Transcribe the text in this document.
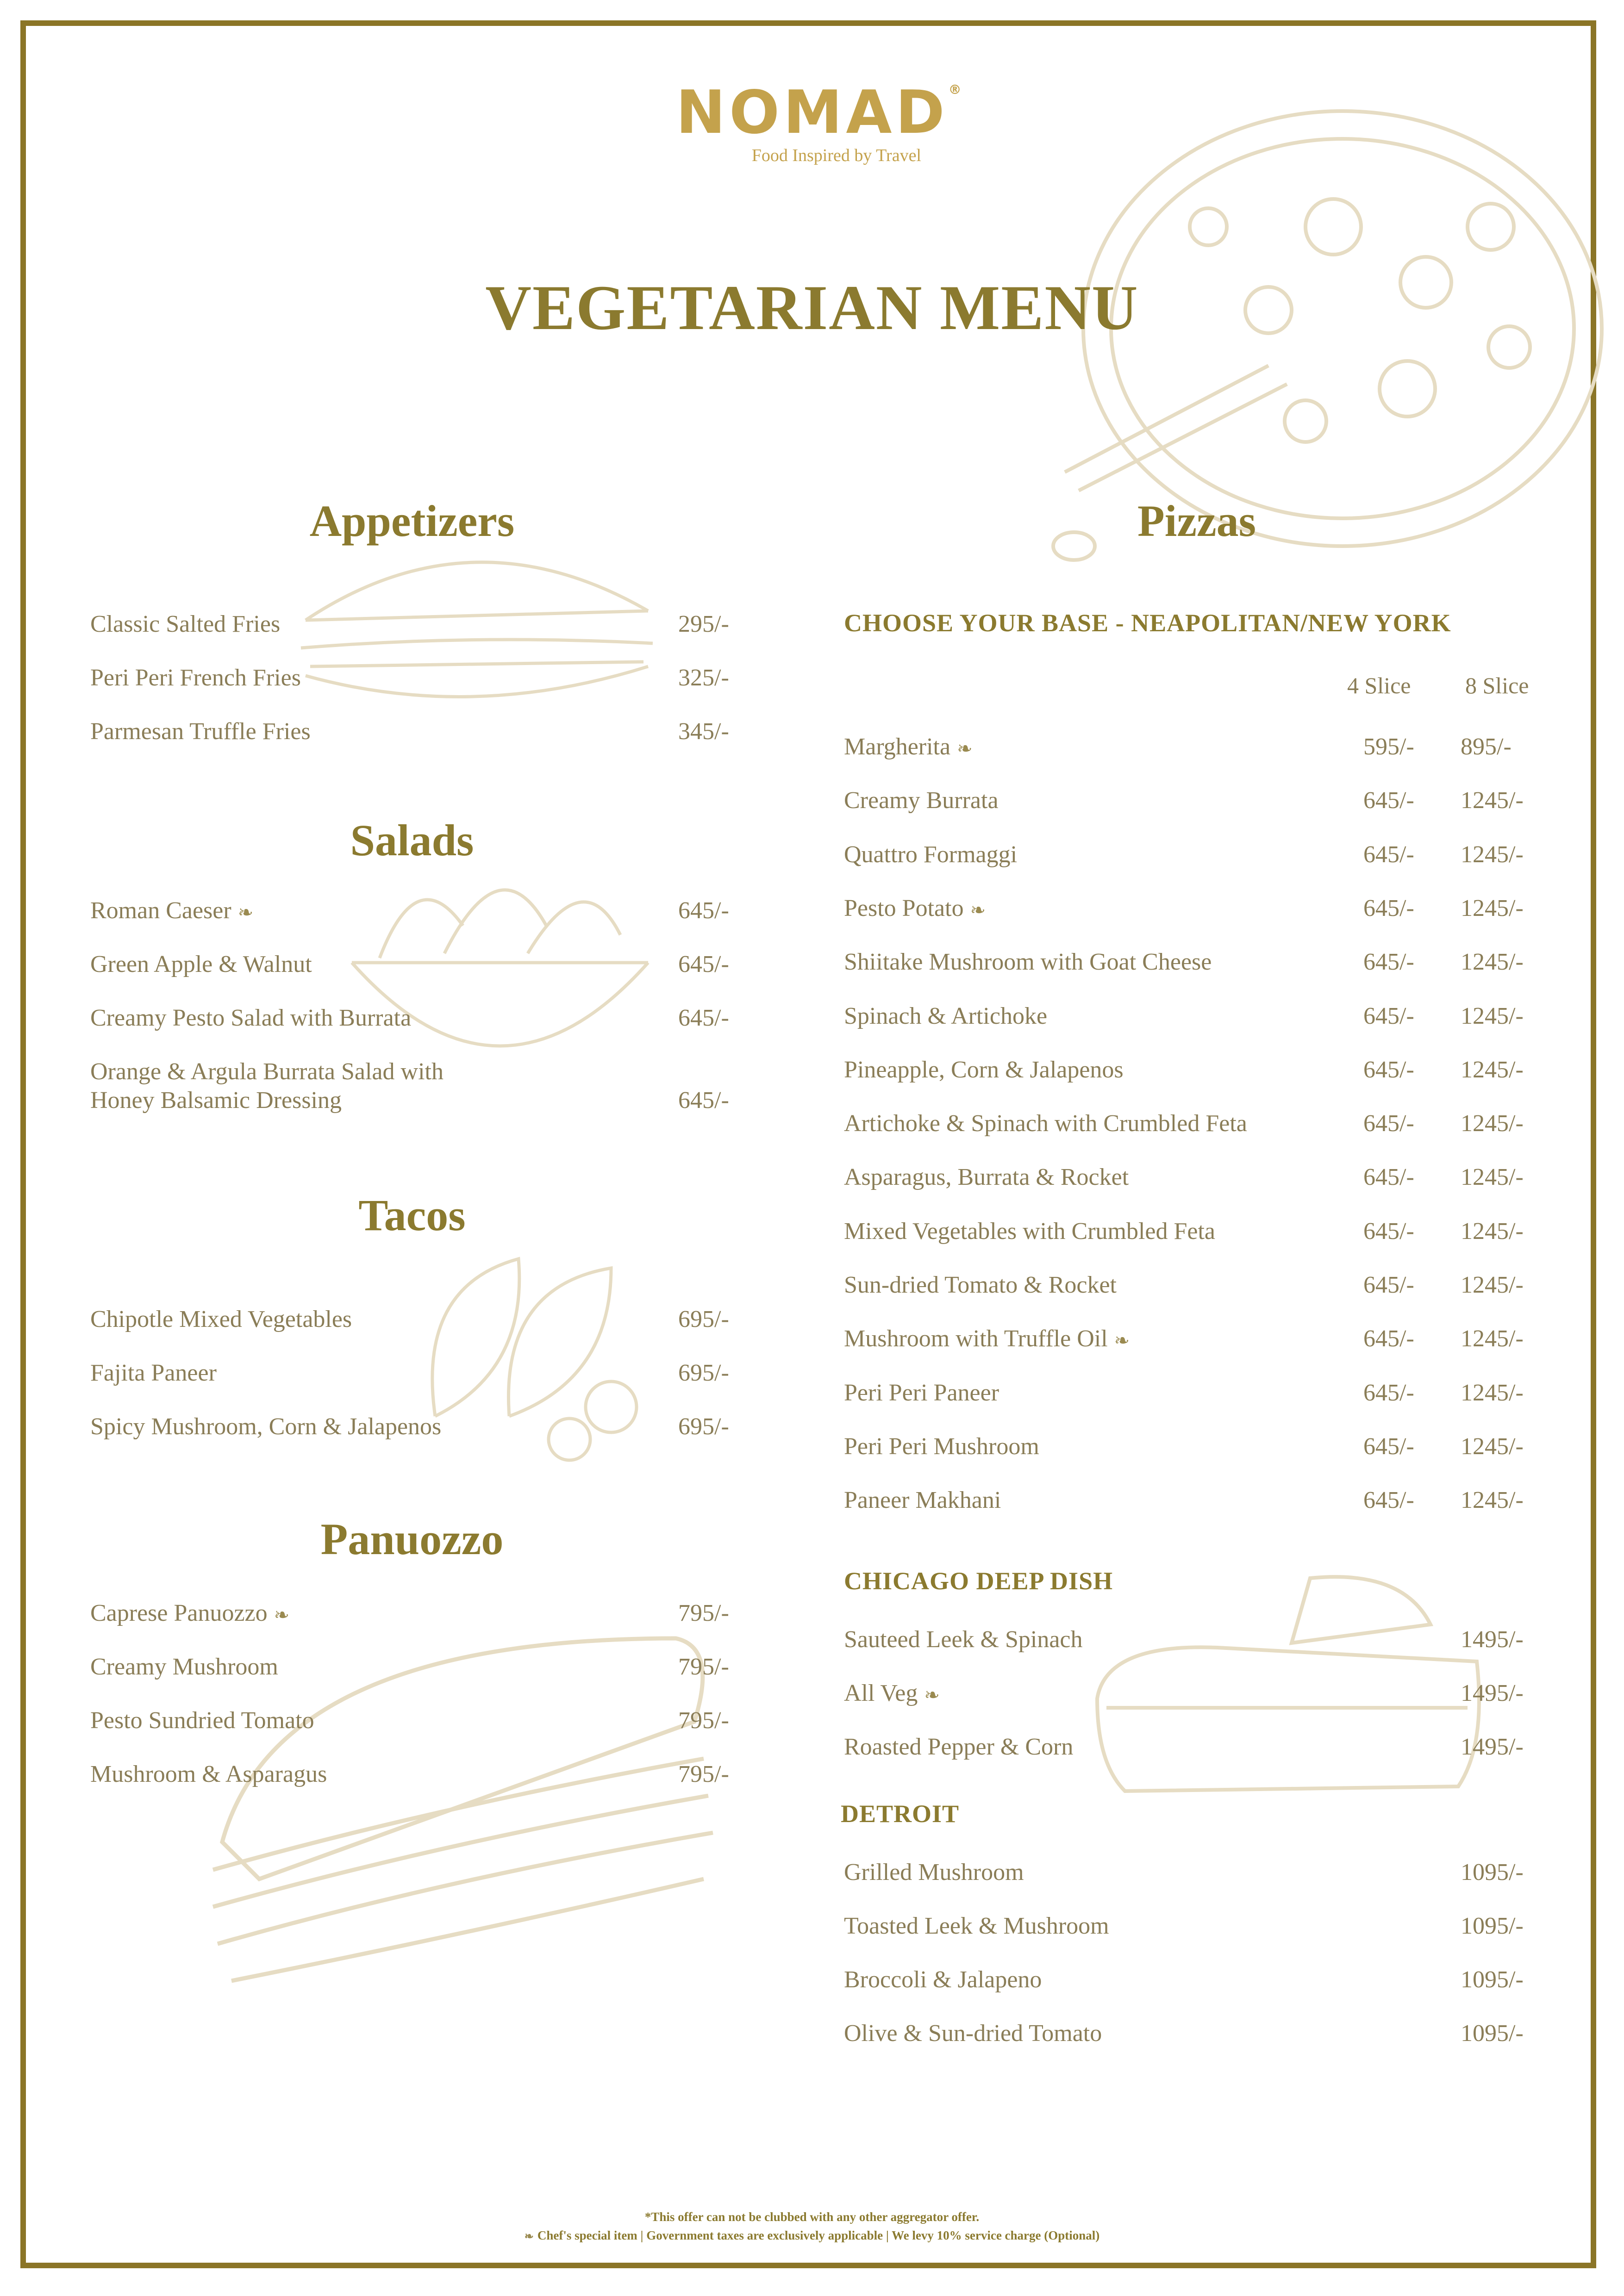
NOMAD®
Food Inspired by Travel
VEGETARIAN MENU
Appetizers
Salads
Tacos
Panuozzo
Pizzas
CHOOSE YOUR BASE - NEAPOLITAN/NEW YORK
4 Slice 8 Slice
CHICAGO DEEP DISH
DETROIT
Classic Salted Fries	295/-
Peri Peri French Fries	325/-
Parmesan Truffle Fries	345/-
Roman Caeser ❧	645/-
Green Apple & Walnut	645/-
Creamy Pesto Salad with Burrata	645/-
Orange & Argula Burrata Salad with
Honey Balsamic Dressing	645/-
Chipotle Mixed Vegetables	695/-
Fajita Paneer	695/-
Spicy Mushroom, Corn & Jalapenos	695/-
Caprese Panuozzo ❧	795/-
Creamy Mushroom	795/-
Pesto Sundried Tomato	795/-
Mushroom & Asparagus	795/-
Margherita ❧	595/- 895/-
Creamy Burrata	645/- 1245/-
Quattro Formaggi	645/- 1245/-
Pesto Potato ❧	645/- 1245/-
Shiitake Mushroom with Goat Cheese	645/- 1245/-
Spinach & Artichoke	645/- 1245/-
Pineapple, Corn & Jalapenos	645/- 1245/-
Artichoke & Spinach with Crumbled Feta	645/- 1245/-
Asparagus, Burrata & Rocket	645/- 1245/-
Mixed Vegetables with Crumbled Feta	645/- 1245/-
Sun-dried Tomato & Rocket	645/- 1245/-
Mushroom with Truffle Oil ❧	645/- 1245/-
Peri Peri Paneer	645/- 1245/-
Peri Peri Mushroom	645/- 1245/-
Paneer Makhani	645/- 1245/-
Sauteed Leek & Spinach	1495/-
All Veg ❧	1495/-
Roasted Pepper & Corn	1495/-
Grilled Mushroom	1095/-
Toasted Leek & Mushroom	1095/-
Broccoli & Jalapeno	1095/-
Olive & Sun-dried Tomato	1095/-
*This offer can not be clubbed with any other aggregator offer.
❧ Chef's special item | Government taxes are exclusively applicable | We levy 10% service charge (Optional)
